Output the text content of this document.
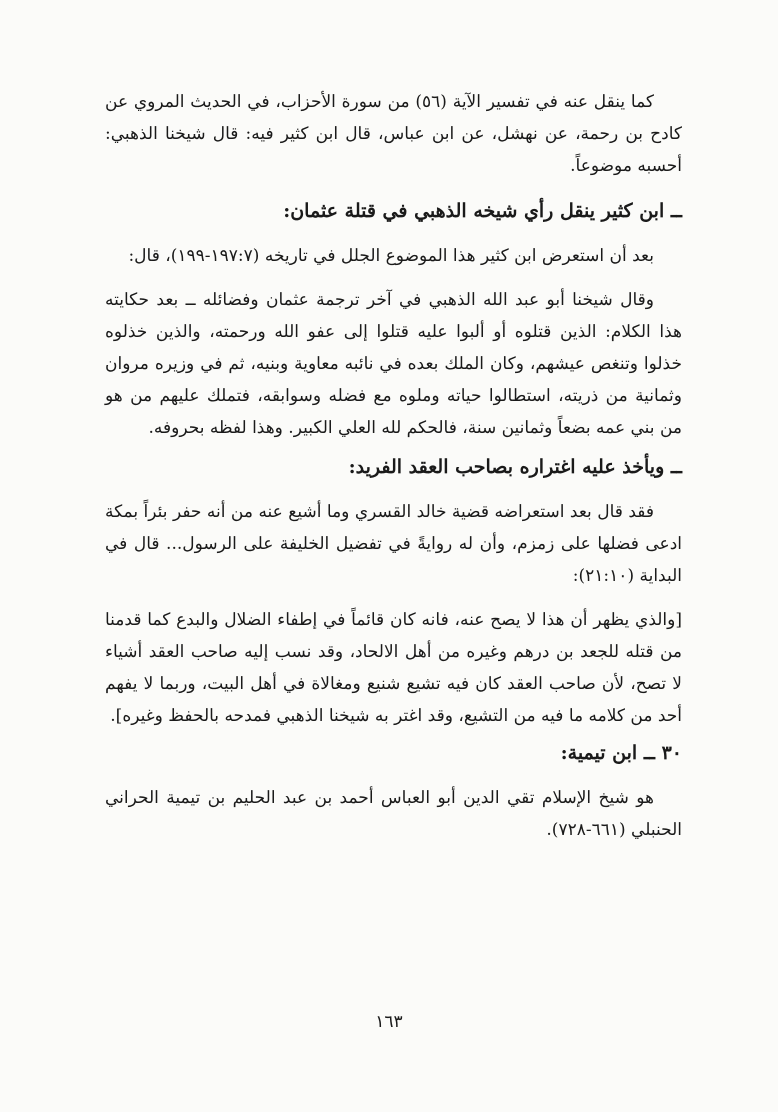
كما ينقل عنه في تفسير الآية (٥٦) من سورة الأحزاب، في الحديث المروي عن كادح بن رحمة، عن نهشل، عن ابن عباس، قال ابن كثير فيه: قال شيخنا الذهبي: أحسبه موضوعاً.

ــ ابن كثير ينقل رأي شيخه الذهبي في قتلة عثمان:

بعد أن استعرض ابن كثير هذا الموضوع الجلل في تاريخه (١٩٧:٧-١٩٩)، قال:

وقال شيخنا أبو عبد الله الذهبي في آخر ترجمة عثمان وفضائله ــ بعد حكايته هذا الكلام: الذين قتلوه أو ألبوا عليه قتلوا إلى عفو الله ورحمته، والذين خذلوه خذلوا وتنغص عيشهم، وكان الملك بعده في نائبه معاوية وبنيه، ثم في وزيره مروان وثمانية من ذريته، استطالوا حياته وملوه مع فضله وسوابقه، فتملك عليهم من هو من بني عمه بضعاً وثمانين سنة، فالحكم لله العلي الكبير. وهذا لفظه بحروفه.

ــ ويأخذ عليه اغتراره بصاحب العقد الفريد:

فقد قال بعد استعراضه قضية خالد القسري وما أشيع عنه من أنه حفر بئراً بمكة ادعى فضلها على زمزم، وأن له روايةً في تفضيل الخليفة على الرسول... قال في البداية (٢١:١٠):

[والذي يظهر أن هذا لا يصح عنه، فانه كان قائماً في إطفاء الضلال والبدع كما قدمنا من قتله للجعد بن درهم وغيره من أهل الالحاد، وقد نسب إليه صاحب العقد أشياء لا تصح، لأن صاحب العقد كان فيه تشيع شنيع ومغالاة في أهل البيت، وربما لا يفهم أحد من كلامه ما فيه من التشيع، وقد اغتر به شيخنا الذهبي فمدحه بالحفظ وغيره].

٣٠ ــ ابن تيمية:

هو شيخ الإسلام تقي الدين أبو العباس أحمد بن عبد الحليم بن تيمية الحراني الحنبلي (٦٦١-٧٢٨).

١٦٣
